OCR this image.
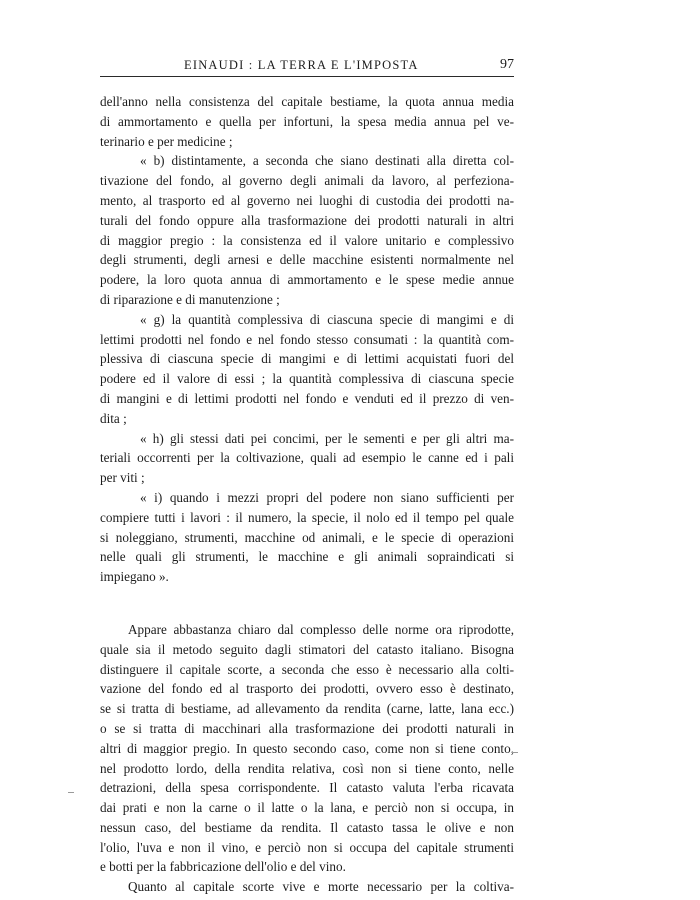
EINAUDI : LA TERRA E L'IMPOSTA	97
dell'anno nella consistenza del capitale bestiame, la quota annua media
di ammortamento e quella per infortuni, la spesa media annua pel ve-
terinario e per medicine ;
« b) distintamente, a seconda che siano destinati alla diretta col-
tivazione del fondo, al governo degli animali da lavoro, al perfeziona-
mento, al trasporto ed al governo nei luoghi di custodia dei prodotti na-
turali del fondo oppure alla trasformazione dei prodotti naturali in altri
di maggior pregio : la consistenza ed il valore unitario e complessivo
degli strumenti, degli arnesi e delle macchine esistenti normalmente nel
podere, la loro quota annua di ammortamento e le spese medie annue
di riparazione e di manutenzione ;
« g) la quantità complessiva di ciascuna specie di mangimi e di
lettimi prodotti nel fondo e nel fondo stesso consumati : la quantità com-
plessiva di ciascuna specie di mangimi e di lettimi acquistati fuori del
podere ed il valore di essi ; la quantità complessiva di ciascuna specie
di mangini e di lettimi prodotti nel fondo e venduti ed il prezzo di ven-
dita ;
« h) gli stessi dati pei concimi, per le sementi e per gli altri ma-
teriali occorrenti per la coltivazione, quali ad esempio le canne ed i pali
per viti ;
« i) quando i mezzi propri del podere non siano sufficienti per
compiere tutti i lavori : il numero, la specie, il nolo ed il tempo pel quale
si noleggiano, strumenti, macchine od animali, e le specie di operazioni
nelle quali gli strumenti, le macchine e gli animali sopraindicati si
impiegano ».
Appare abbastanza chiaro dal complesso delle norme ora riprodotte,
quale sia il metodo seguito dagli stimatori del catasto italiano. Bisogna
distinguere il capitale scorte, a seconda che esso è necessario alla colti-
vazione del fondo ed al trasporto dei prodotti, ovvero esso è destinato,
se si tratta di bestiame, ad allevamento da rendita (carne, latte, lana ecc.)
o se si tratta di macchinari alla trasformazione dei prodotti naturali in
altri di maggior pregio. In questo secondo caso, come non si tiene conto,
nel prodotto lordo, della rendita relativa, così non si tiene conto, nelle
detrazioni, della spesa corrispondente. Il catasto valuta l'erba ricavata
dai prati e non la carne o il latte o la lana, e perciò non si occupa, in
nessun caso, del bestiame da rendita. Il catasto tassa le olive e non
l'olio, l'uva e non il vino, e perciò non si occupa del capitale strumenti
e botti per la fabbricazione dell'olio e del vino.
Quanto al capitale scorte vive e morte necessario per la coltiva-
